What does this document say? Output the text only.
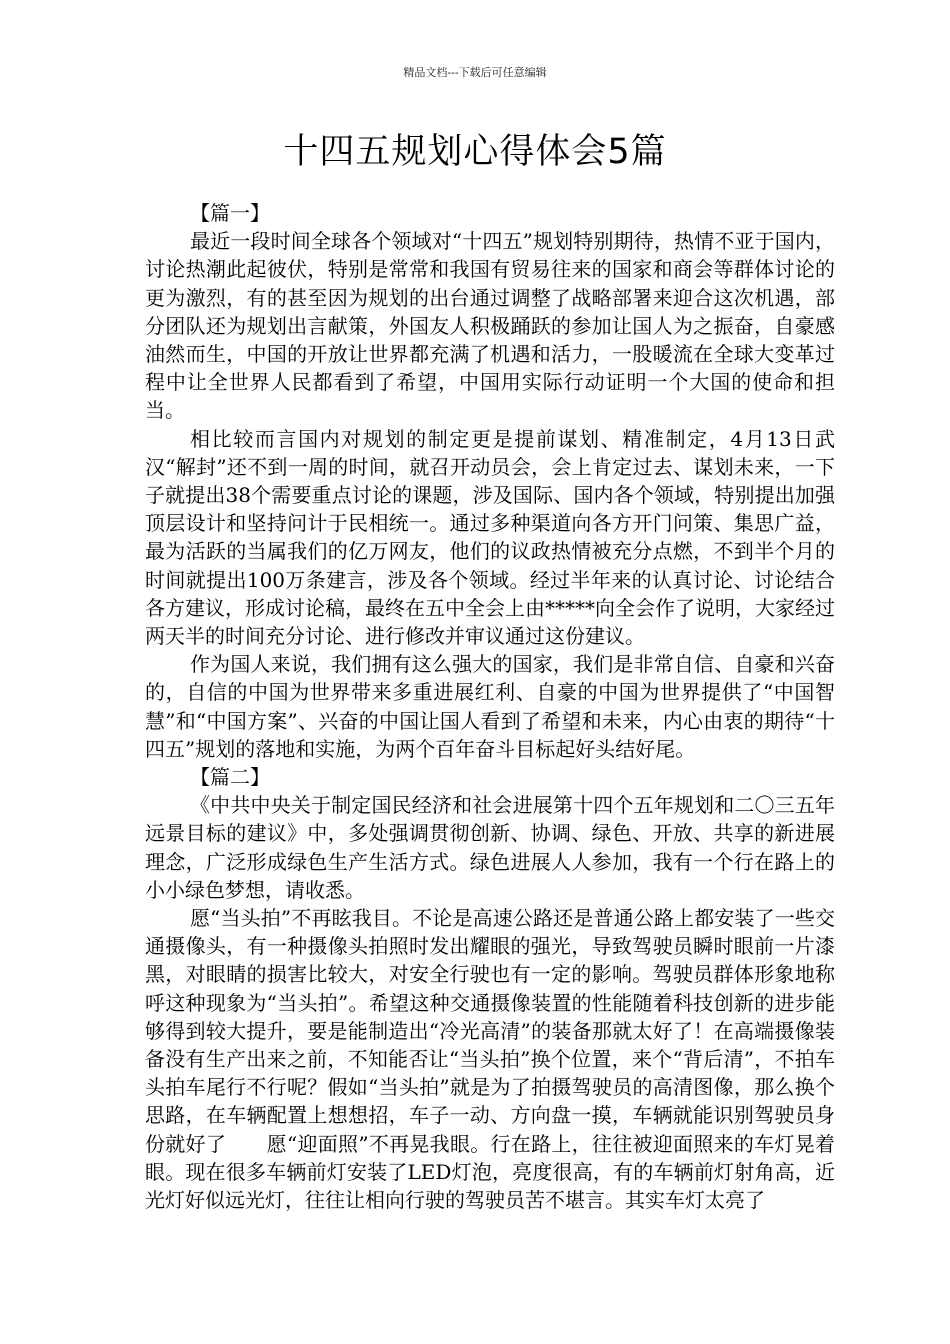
精品文档---下载后可任意编辑
十四五规划心得体会5篇

【篇一】

最近一段时间全球各个领域对“十四五”规划特别期待，热情不亚于国内，讨论热潮此起彼伏，特别是常常和我国有贸易往来的国家和商会等群体讨论的更为激烈，有的甚至因为规划的出台通过调整了战略部署来迎合这次机遇，部分团队还为规划出言献策，外国友人积极踊跃的参加让国人为之振奋，自豪感油然而生，中国的开放让世界都充满了机遇和活力，一股暖流在全球大变革过程中让全世界人民都看到了希望，中国用实际行动证明一个大国的使命和担当。

相比较而言国内对规划的制定更是提前谋划、精准制定，4月13日武汉“解封”还不到一周的时间，就召开动员会，会上肯定过去、谋划未来，一下子就提出38个需要重点讨论的课题，涉及国际、国内各个领域，特别提出加强顶层设计和坚持问计于民相统一。通过多种渠道向各方开门问策、集思广益，最为活跃的当属我们的亿万网友，他们的议政热情被充分点燃，不到半个月的时间就提出100万条建言，涉及各个领域。经过半年来的认真讨论、讨论结合各方建议，形成讨论稿，最终在五中全会上由*****向全会作了说明，大家经过两天半的时间充分讨论、进行修改并审议通过这份建议。

作为国人来说，我们拥有这么强大的国家，我们是非常自信、自豪和兴奋的，自信的中国为世界带来多重进展红利、自豪的中国为世界提供了“中国智慧”和“中国方案”、兴奋的中国让国人看到了希望和未来，内心由衷的期待“十四五”规划的落地和实施，为两个百年奋斗目标起好头结好尾。

【篇二】

《中共中央关于制定国民经济和社会进展第十四个五年规划和二〇三五年远景目标的建议》中，多处强调贯彻创新、协调、绿色、开放、共享的新进展理念，广泛形成绿色生产生活方式。绿色进展人人参加，我有一个行在路上的小小绿色梦想，请收悉。

愿“当头拍”不再眩我目。不论是高速公路还是普通公路上都安装了一些交通摄像头，有一种摄像头拍照时发出耀眼的强光，导致驾驶员瞬时眼前一片漆黑，对眼睛的损害比较大，对安全行驶也有一定的影响。驾驶员群体形象地称呼这种现象为“当头拍”。希望这种交通摄像装置的性能随着科技创新的进步能够得到较大提升，要是能制造出“冷光高清”的装备那就太好了！在高端摄像装备没有生产出来之前，不知能否让“当头拍”换个位置，来个“背后清”，不拍车头拍车尾行不行呢？假如“当头拍”就是为了拍摄驾驶员的高清图像，那么换个思路，在车辆配置上想想招，车子一动、方向盘一摸，车辆就能识别驾驶员身份就好了　　愿“迎面照”不再晃我眼。行在路上，往往被迎面照来的车灯晃着眼。现在很多车辆前灯安装了LED灯泡，亮度很高，有的车辆前灯射角高，近光灯好似远光灯，往往让相向行驶的驾驶员苦不堪言。其实车灯太亮了
